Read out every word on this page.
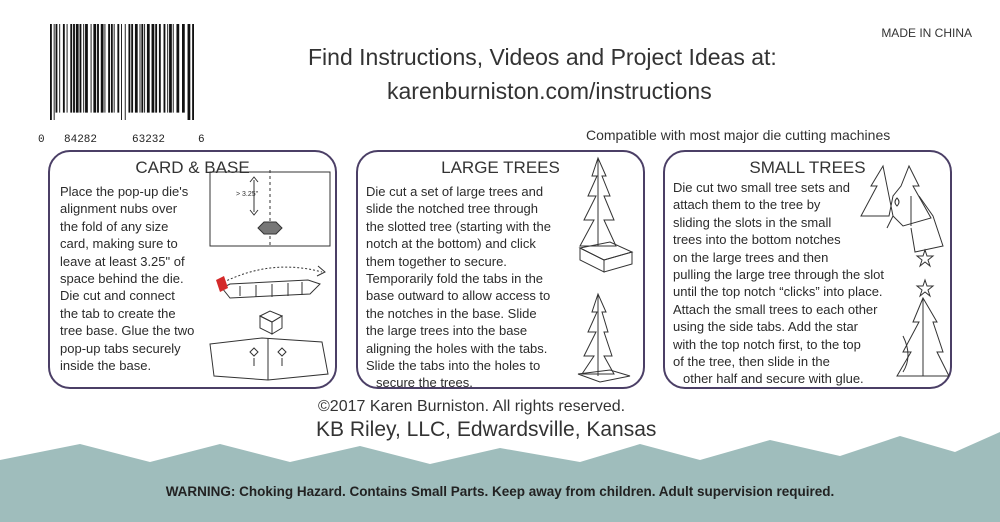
0 84282	63232	6
MADE IN CHINA
Find Instructions, Videos and Project Ideas at:
karenburniston.com/instructions
Compatible with most major die cutting machines
CARD & BASE
Place the pop-up die's
alignment nubs over
the fold of any size
card, making sure to
leave at least 3.25" of
space behind the die.
Die cut and connect
the tab to create the
tree base. Glue the two
pop-up tabs securely
inside the base.
> 3.25"
LARGE TREES
Die cut a set of large trees and
slide the notched tree through
the slotted tree (starting with the
notch at the bottom) and click
them together to secure.
Temporarily fold the tabs in the
base outward to allow access to
the notches in the base. Slide
the large trees into the base
aligning the holes with the tabs.
Slide the tabs into the holes to
secure the trees.
SMALL TREES
Die cut two small tree sets and
attach them to the tree by
sliding the slots in the small
trees into the bottom notches
on the large trees and then
pulling the large tree through the slot
until the top notch “clicks” into place.
Attach the small trees to each other
using the side tabs. Add the star
with the top notch first, to the top
of the tree, then slide in the
other half and secure with glue.
©2017 Karen Burniston. All rights reserved.
KB Riley, LLC, Edwardsville, Kansas
WARNING: Choking Hazard. Contains Small Parts. Keep away from children. Adult supervision required.
